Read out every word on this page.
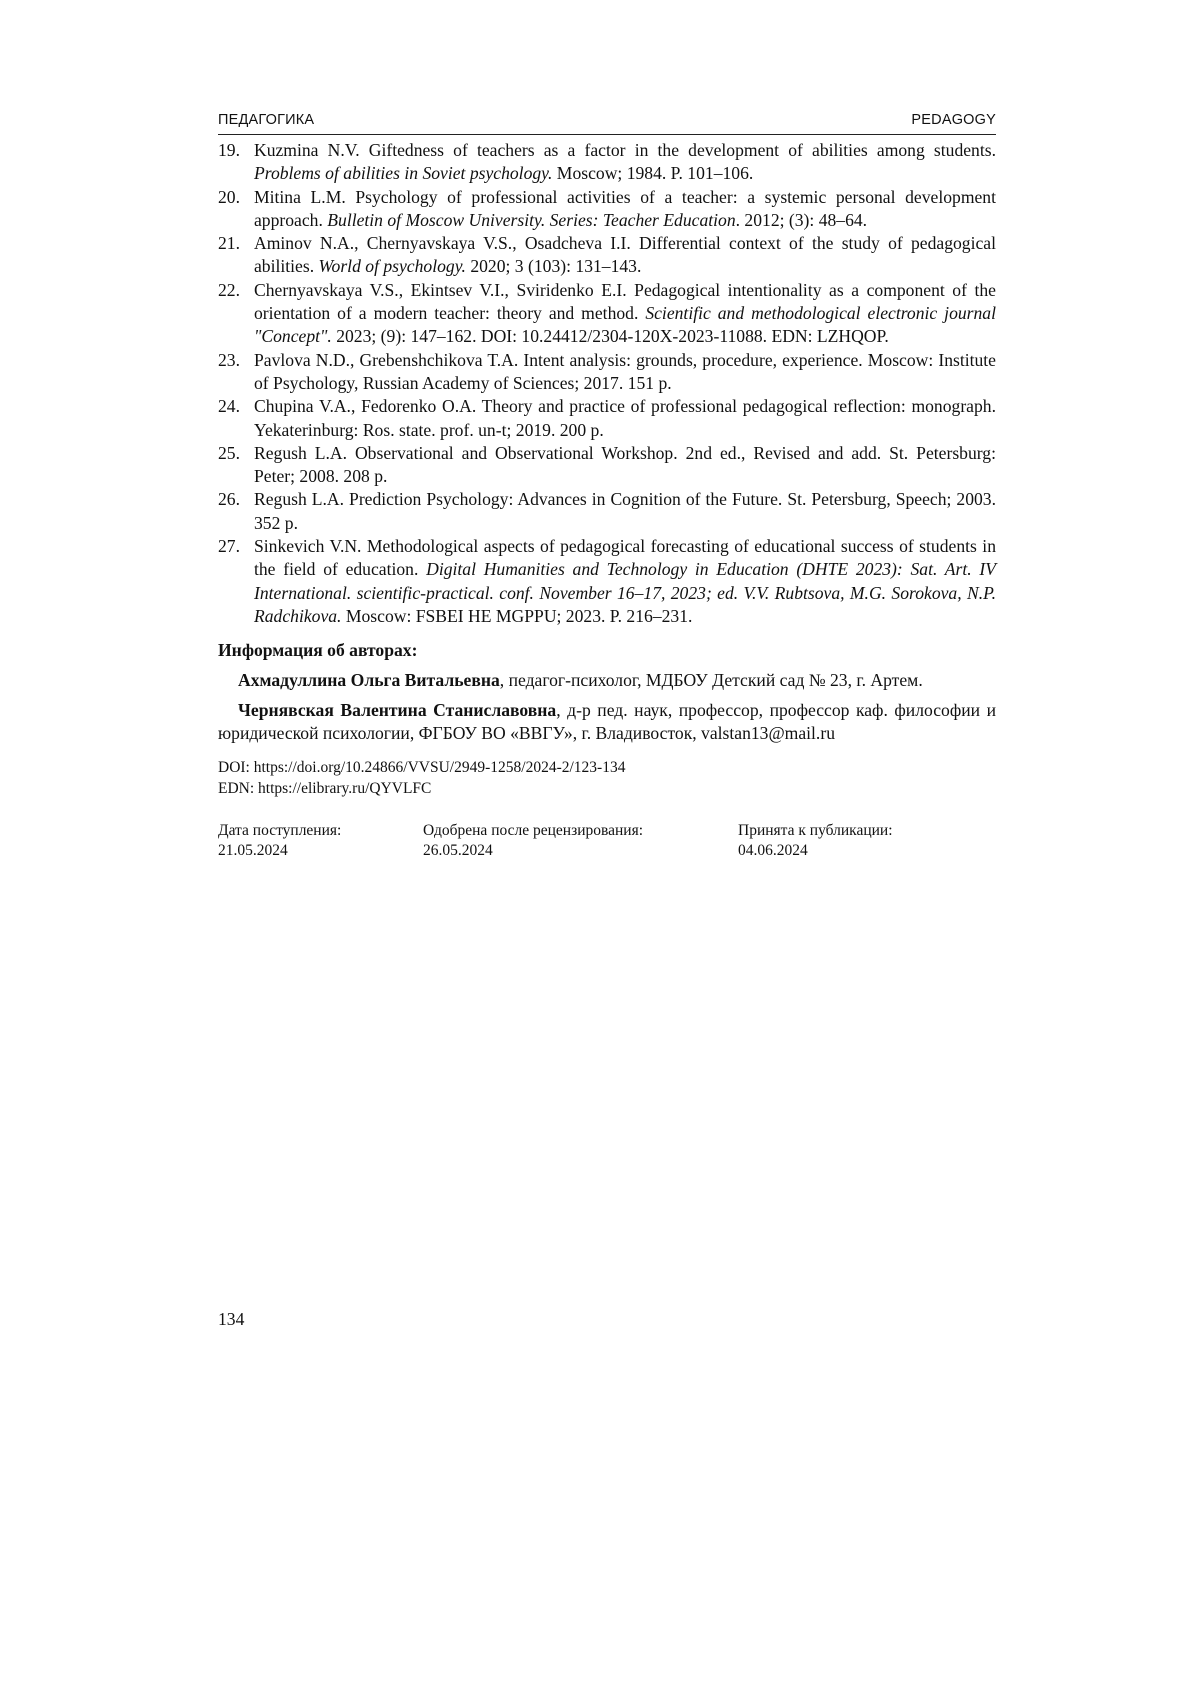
ПЕДАГОГИКА	PEDAGOGY
19. Kuzmina N.V. Giftedness of teachers as a factor in the development of abilities among students. Problems of abilities in Soviet psychology. Moscow; 1984. P. 101–106.
20. Mitina L.M. Psychology of professional activities of a teacher: a systemic personal development approach. Bulletin of Moscow University. Series: Teacher Education. 2012; (3): 48–64.
21. Aminov N.A., Chernyavskaya V.S., Osadcheva I.I. Differential context of the study of pedagogical abilities. World of psychology. 2020; 3 (103): 131–143.
22. Chernyavskaya V.S., Ekintsev V.I., Sviridenko E.I. Pedagogical intentionality as a component of the orientation of a modern teacher: theory and method. Scientific and methodological electronic journal "Concept". 2023; (9): 147–162. DOI: 10.24412/2304-120X-2023-11088. EDN: LZHQOP.
23. Pavlova N.D., Grebenshchikova T.A. Intent analysis: grounds, procedure, experience. Moscow: Institute of Psychology, Russian Academy of Sciences; 2017. 151 p.
24. Chupina V.A., Fedorenko O.A. Theory and practice of professional pedagogical reflection: monograph. Yekaterinburg: Ros. state. prof. un-t; 2019. 200 p.
25. Regush L.A. Observational and Observational Workshop. 2nd ed., Revised and add. St. Petersburg: Peter; 2008. 208 p.
26. Regush L.A. Prediction Psychology: Advances in Cognition of the Future. St. Petersburg, Speech; 2003. 352 p.
27. Sinkevich V.N. Methodological aspects of pedagogical forecasting of educational success of students in the field of education. Digital Humanities and Technology in Education (DHTE 2023): Sat. Art. IV International. scientific-practical. conf. November 16–17, 2023; ed. V.V. Rubtsova, M.G. Sorokova, N.P. Radchikova. Moscow: FSBEI HE MGPPU; 2023. P. 216–231.
Информация об авторах:

Ахмадуллина Ольга Витальевна, педагог-психолог, МДБОУ Детский сад № 23, г. Артем.

Чернявская Валентина Станиславовна, д-р пед. наук, профессор, профессор каф. философии и юридической психологии, ФГБОУ ВО «ВВГУ», г. Владивосток, valstan13@mail.ru

DOI: https://doi.org/10.24866/VVSU/2949-1258/2024-2/123-134
EDN: https://elibrary.ru/QYVLFC
Дата поступления:
21.05.2024
Одобрена после рецензирования:
26.05.2024
Принята к публикации:
04.06.2024
134
